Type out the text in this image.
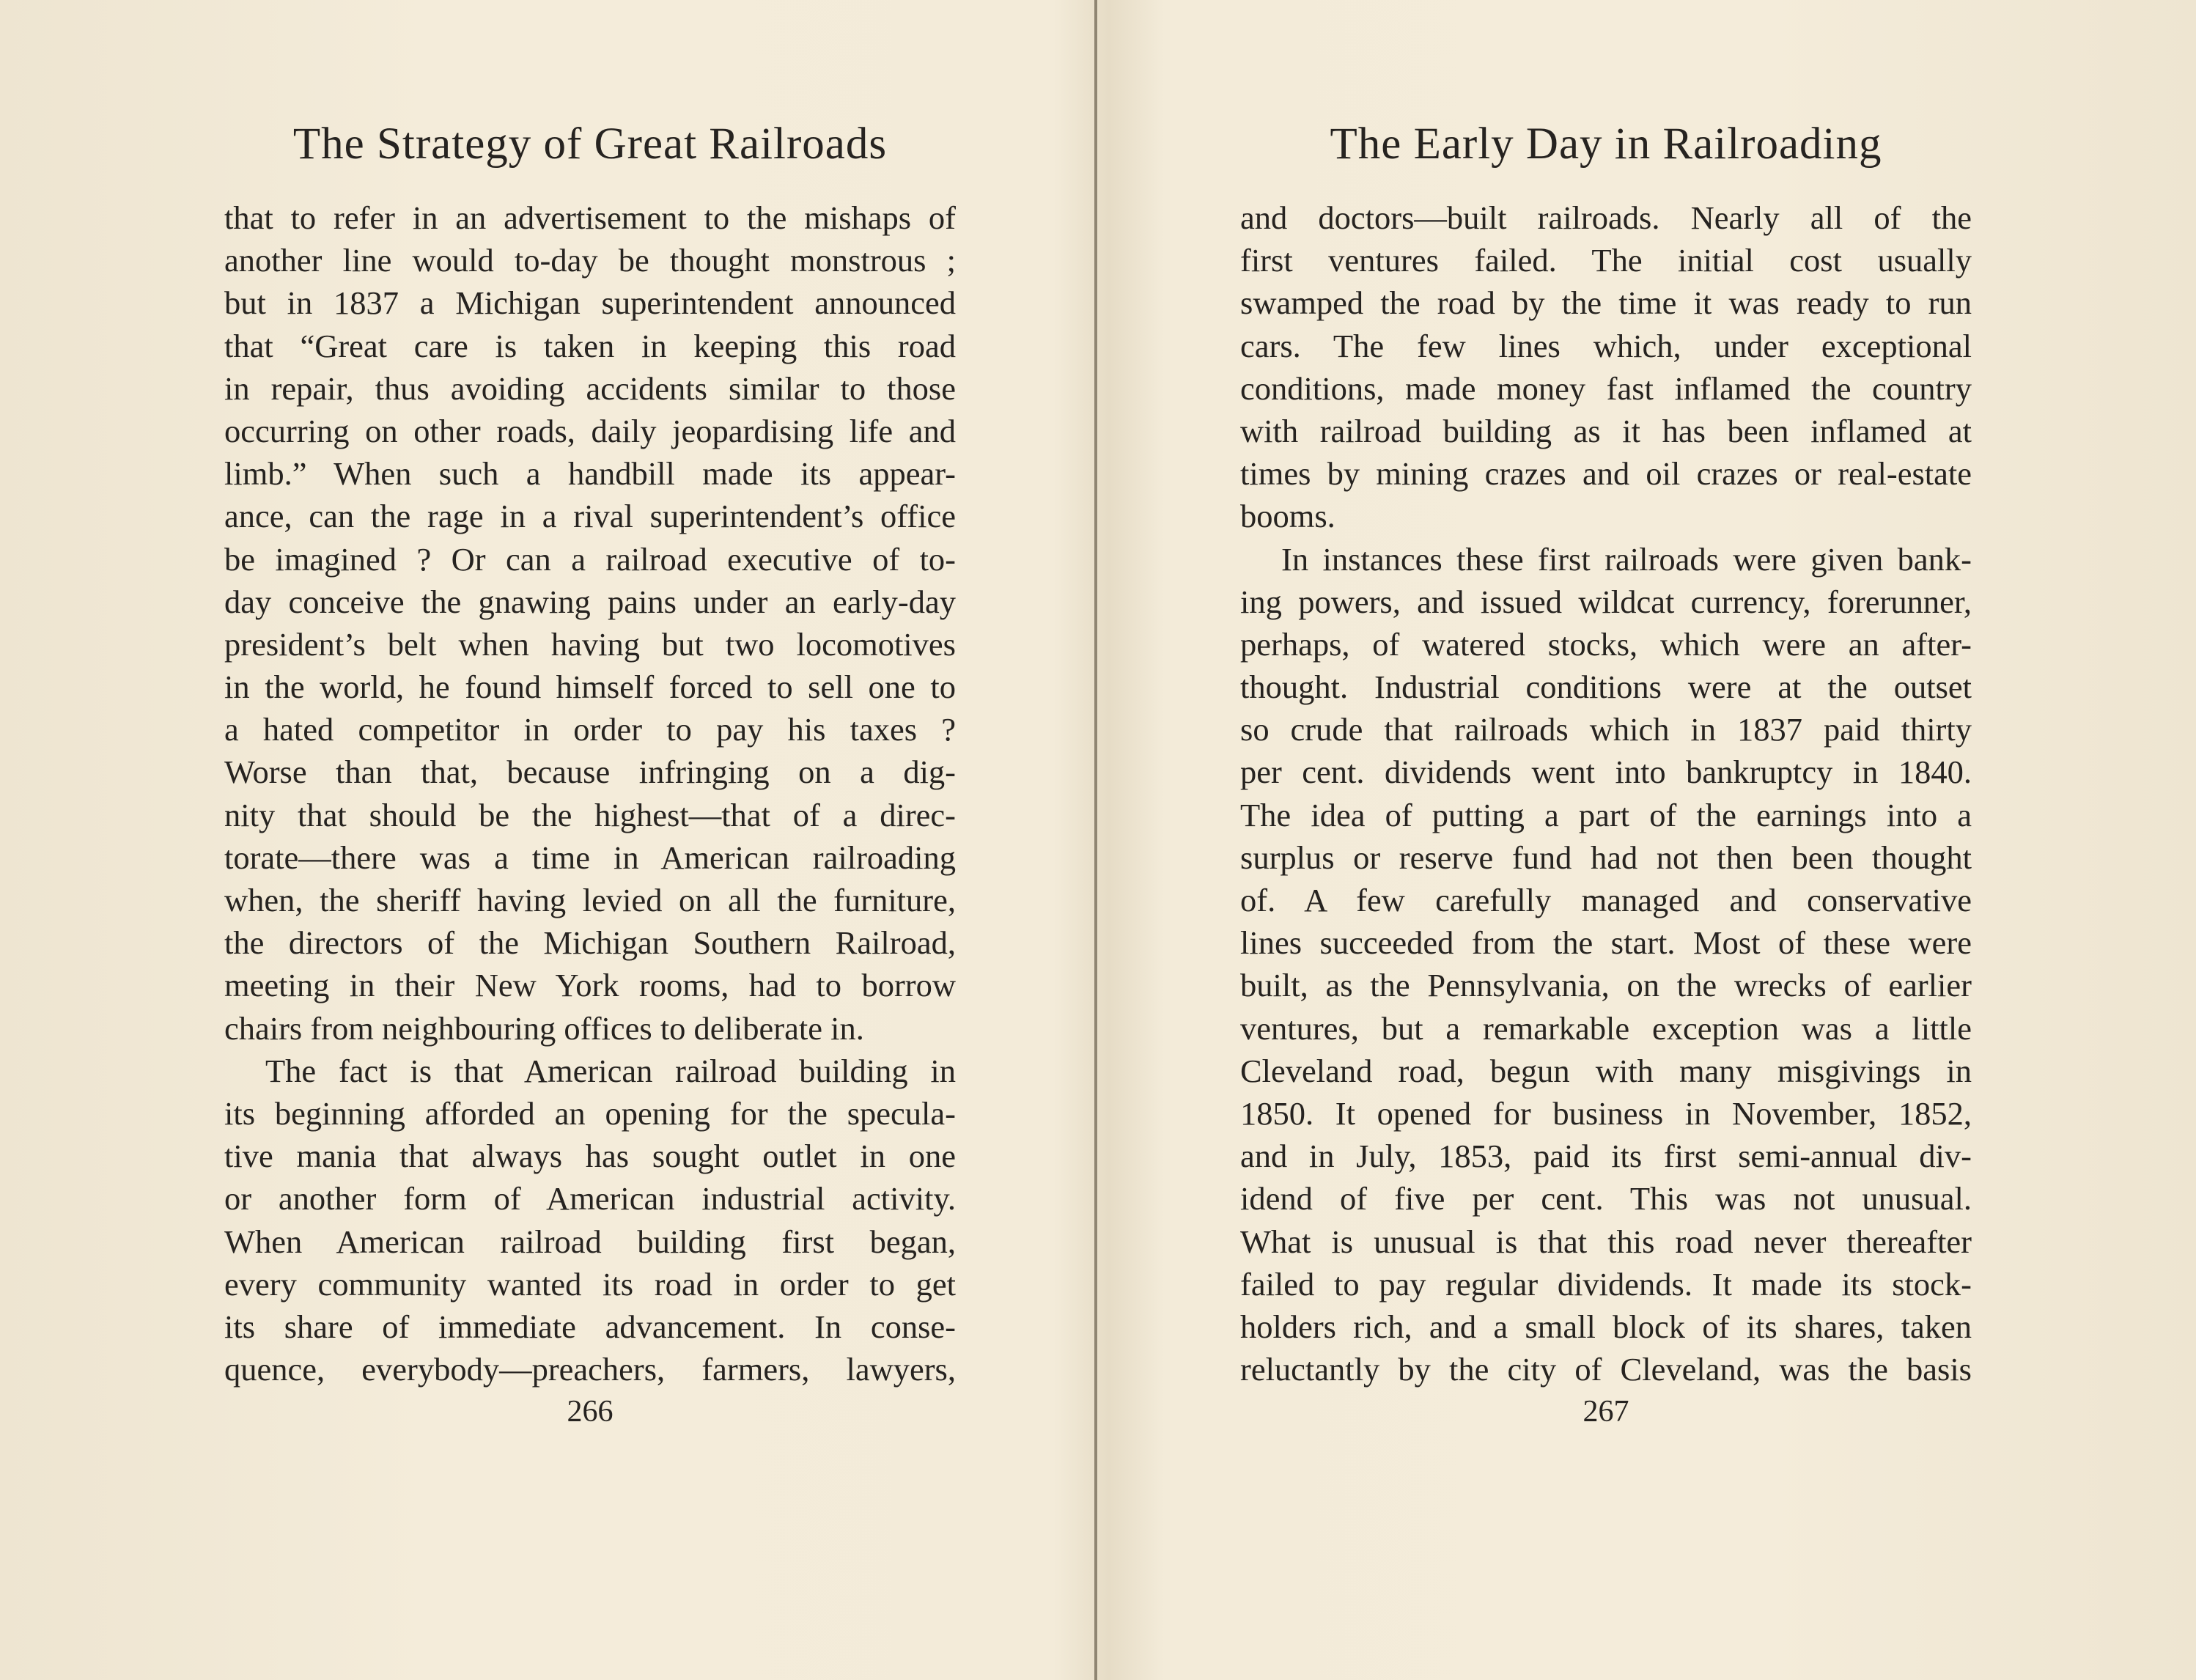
The Strategy of Great Railroads
that to refer in an advertisement to the mishaps of
another line would to-day be thought monstrous ;
but in 1837 a Michigan superintendent announced
that “Great care is taken in keeping this road
in repair, thus avoiding accidents similar to those
occurring on other roads, daily jeopardising life and
limb.” When such a handbill made its appear-
ance, can the rage in a rival superintendent’s office
be imagined ? Or can a railroad executive of to-
day conceive the gnawing pains under an early-day
president’s belt when having but two locomotives
in the world, he found himself forced to sell one to
a hated competitor in order to pay his taxes ?
Worse than that, because infringing on a dig-
nity that should be the highest—that of a direc-
torate—there was a time in American railroading
when, the sheriff having levied on all the furniture,
the directors of the Michigan Southern Railroad,
meeting in their New York rooms, had to borrow
chairs from neighbouring offices to deliberate in.
The fact is that American railroad building in
its beginning afforded an opening for the specula-
tive mania that always has sought outlet in one
or another form of American industrial activity.
When American railroad building first began,
every community wanted its road in order to get
its share of immediate advancement. In conse-
quence, everybody—preachers, farmers, lawyers,
266
The Early Day in Railroading
and doctors—built railroads. Nearly all of the
first ventures failed. The initial cost usually
swamped the road by the time it was ready to run
cars. The few lines which, under exceptional
conditions, made money fast inflamed the country
with railroad building as it has been inflamed at
times by mining crazes and oil crazes or real-estate
booms.
In instances these first railroads were given bank-
ing powers, and issued wildcat currency, forerunner,
perhaps, of watered stocks, which were an after-
thought. Industrial conditions were at the outset
so crude that railroads which in 1837 paid thirty
per cent. dividends went into bankruptcy in 1840.
The idea of putting a part of the earnings into a
surplus or reserve fund had not then been thought
of. A few carefully managed and conservative
lines succeeded from the start. Most of these were
built, as the Pennsylvania, on the wrecks of earlier
ventures, but a remarkable exception was a little
Cleveland road, begun with many misgivings in
1850. It opened for business in November, 1852,
and in July, 1853, paid its first semi-annual div-
idend of five per cent. This was not unusual.
What is unusual is that this road never thereafter
failed to pay regular dividends. It made its stock-
holders rich, and a small block of its shares, taken
reluctantly by the city of Cleveland, was the basis
267
